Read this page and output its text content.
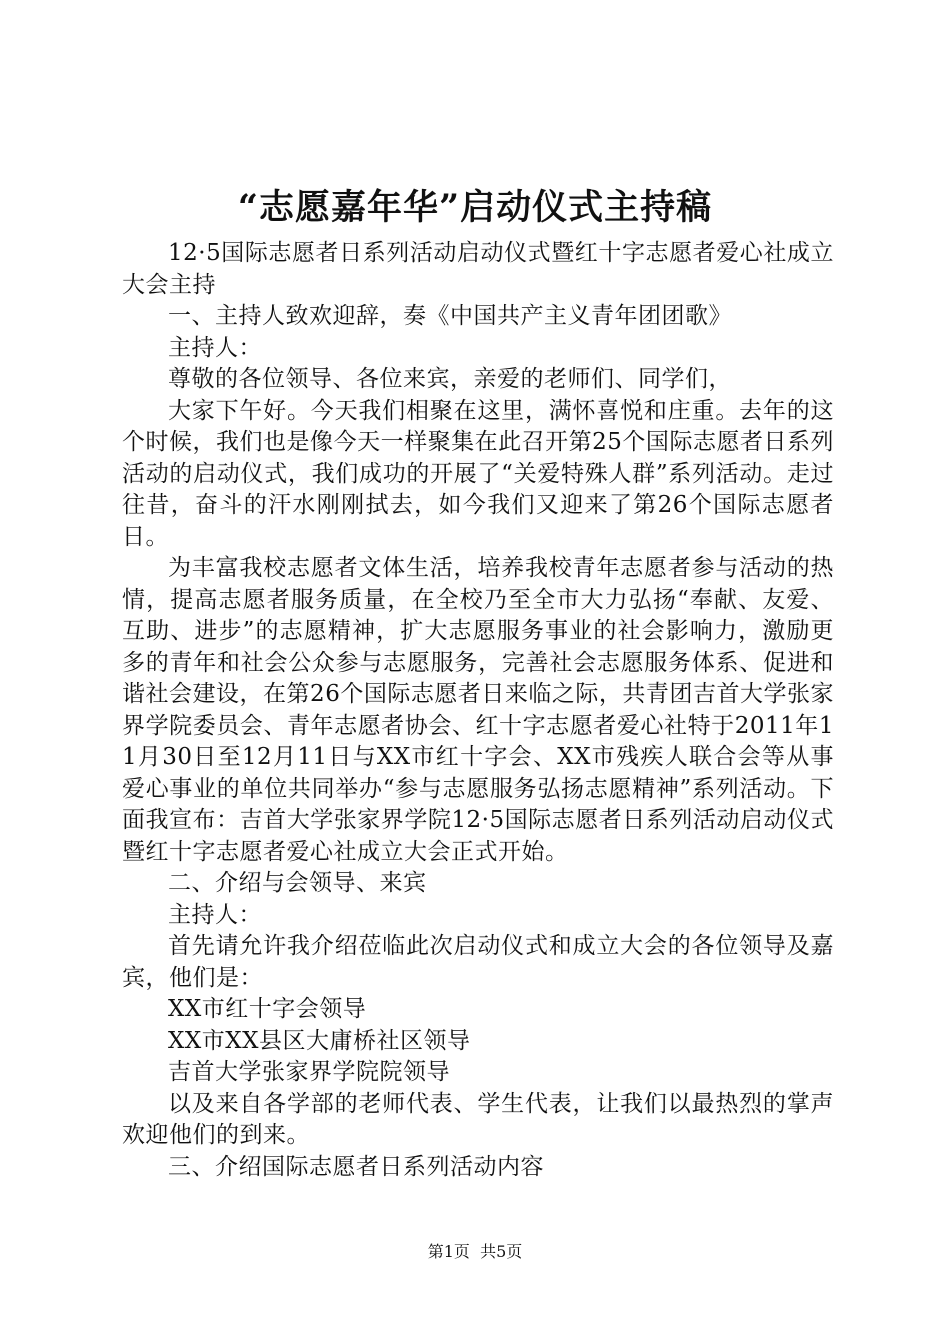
“志愿嘉年华”启动仪式主持稿

12·5国际志愿者日系列活动启动仪式暨红十字志愿者爱心社成立大会主持

一、主持人致欢迎辞，奏《中国共产主义青年团团歌》

主持人：

尊敬的各位领导、各位来宾，亲爱的老师们、同学们，

大家下午好。今天我们相聚在这里，满怀喜悦和庄重。去年的这个时候，我们也是像今天一样聚集在此召开第25个国际志愿者日系列活动的启动仪式，我们成功的开展了“关爱特殊人群”系列活动。走过往昔，奋斗的汗水刚刚拭去，如今我们又迎来了第26个国际志愿者日。

为丰富我校志愿者文体生活，培养我校青年志愿者参与活动的热情，提高志愿者服务质量，在全校乃至全市大力弘扬“奉献、友爱、互助、进步”的志愿精神，扩大志愿服务事业的社会影响力，激励更多的青年和社会公众参与志愿服务，完善社会志愿服务体系、促进和谐社会建设，在第26个国际志愿者日来临之际，共青团吉首大学张家界学院委员会、青年志愿者协会、红十字志愿者爱心社特于2011年11月30日至12月11日与XX市红十字会、XX市残疾人联合会等从事爱心事业的单位共同举办“参与志愿服务弘扬志愿精神”系列活动。下面我宣布：吉首大学张家界学院12·5国际志愿者日系列活动启动仪式暨红十字志愿者爱心社成立大会正式开始。

二、介绍与会领导、来宾

主持人：

首先请允许我介绍莅临此次启动仪式和成立大会的各位领导及嘉宾，他们是：

XX市红十字会领导

XX市XX县区大庸桥社区领导

吉首大学张家界学院院领导

以及来自各学部的老师代表、学生代表，让我们以最热烈的掌声欢迎他们的到来。

三、介绍国际志愿者日系列活动内容

第1页 共5页
